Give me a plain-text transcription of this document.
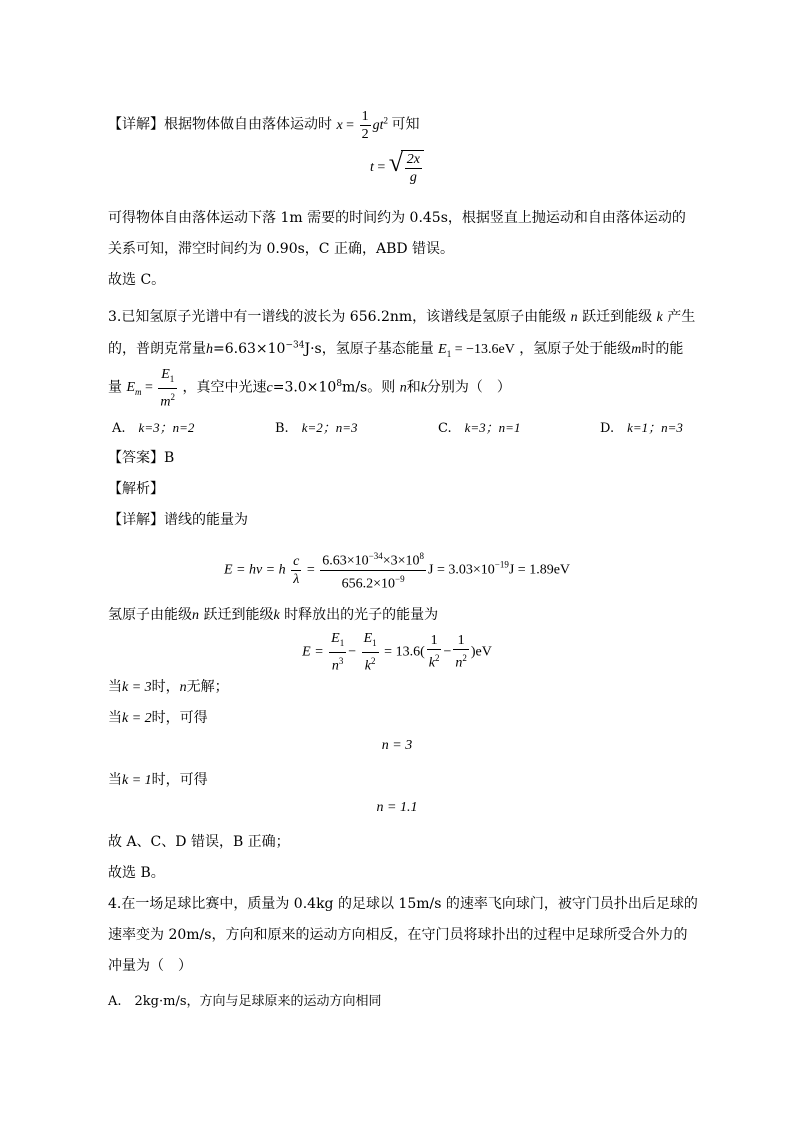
【详解】根据物体做自由落体运动时 $x = \frac{1}{2} gt^2$ 可知
t = √ $\frac{2x}{g}$
可得物体自由落体运动下落 1m 需要的时间约为 0.45s，根据竖直上抛运动和自由落体运动的
关系可知，滞空时间约为 0.90s，C 正确，ABD 错误。
故选 C。
3.已知氢原子光谱中有一谱线的波长为 656.2nm，该谱线是氢原子由能级 n 跃迁到能级 k 产生
的，普朗克常量$h=6.63\times 10^{-34}J\cdot s$，氢原子基态能量 $E_1 = -13.6eV$ ，氢原子处于能级m时的能
量 $E_m = \frac{E_1}{m^2}$ ，真空中光速$c=3.0\times 10^8m/s$。则 n和k分别为（　）
A.　 k=3；n=2	B.　 k=2；n=3	C.　 k=3；n=1	D.　 k=1；n=3
【答案】B
【解析】
【详解】谱线的能量为
E = hν = h $\frac{c}{\lambda} = \frac{6.63\times 10^{-34}\times 3\times 10^8}{656.2\times 10^{-9}}$ $J = 3.03\times 10^{-19}J = 1.89eV$
氢原子由能级n 跃迁到能级k 时释放出的光子的能量为
$E = \frac{E_1}{n^3} - \frac{E_1}{k^2} = 13.6( \frac{1}{k^2} - \frac{1}{n^2} )eV$
当k = 3时，n无解；
当k = 2时，可得
n = 3
当k = 1时，可得
n = 1.1
故 A、C、D 错误，B 正确；
故选 B。
4.在一场足球比赛中，质量为 0.4kg 的足球以 15m/s 的速率飞向球门，被守门员扑出后足球的
速率变为 20m/s，方向和原来的运动方向相反，在守门员将球扑出的过程中足球所受合外力的
冲量为（　）
A.　2kg·m/s，方向与足球原来的运动方向相同
